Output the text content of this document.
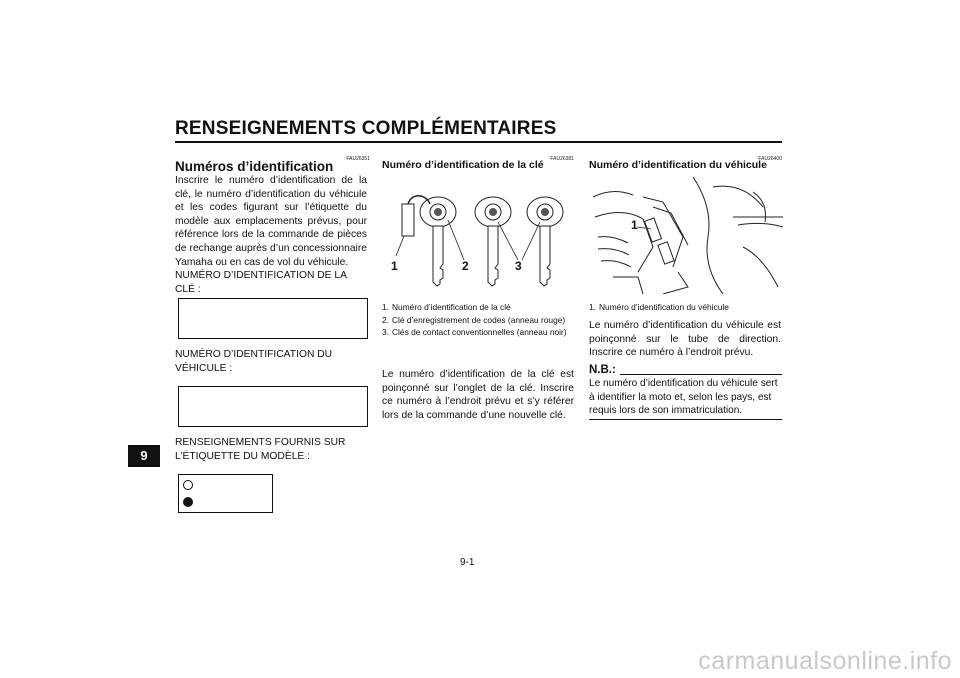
RENSEIGNEMENTS COMPLÉMENTAIRES
FAU26351
Numéros d’identification

Inscrire le numéro d’identification de la clé, le numéro d’identification du véhicule et les codes figurant sur l’étiquette du modèle aux emplacements prévus, pour référence lors de la commande de pièces de rechange auprès d’un concessionnaire Yamaha ou en cas de vol du véhicule.

NUMÉRO D’IDENTIFICATION DE LA CLÉ :

NUMÉRO D’IDENTIFICATION DU VÉHICULE :
RENSEIGNEMENTS FOURNIS SUR L’ÉTIQUETTE DU MODÈLE :
FAU26381
Numéro d’identification de la clé
1	2	3
1. Numéro d’identification de la clé
2. Clé d’enregistrement de codes (anneau rouge)
3. Clés de contact conventionnelles (anneau noir)
Le numéro d’identification de la clé est poinçonné sur l’onglet de la clé. Inscrire ce numéro à l’endroit prévu et s’y référer lors de la commande d’une nouvelle clé.
FAU26400
Numéro d’identification du véhicule
1
1. Numéro d’identification du véhicule
Le numéro d’identification du véhicule est poinçonné sur le tube de direction. Inscrire ce numéro à l’endroit prévu.
N.B.:
Le numéro d’identification du véhicule sert à identifier la moto et, selon les pays, est requis lors de son immatriculation.
9
9-1
carmanualsonline.info
